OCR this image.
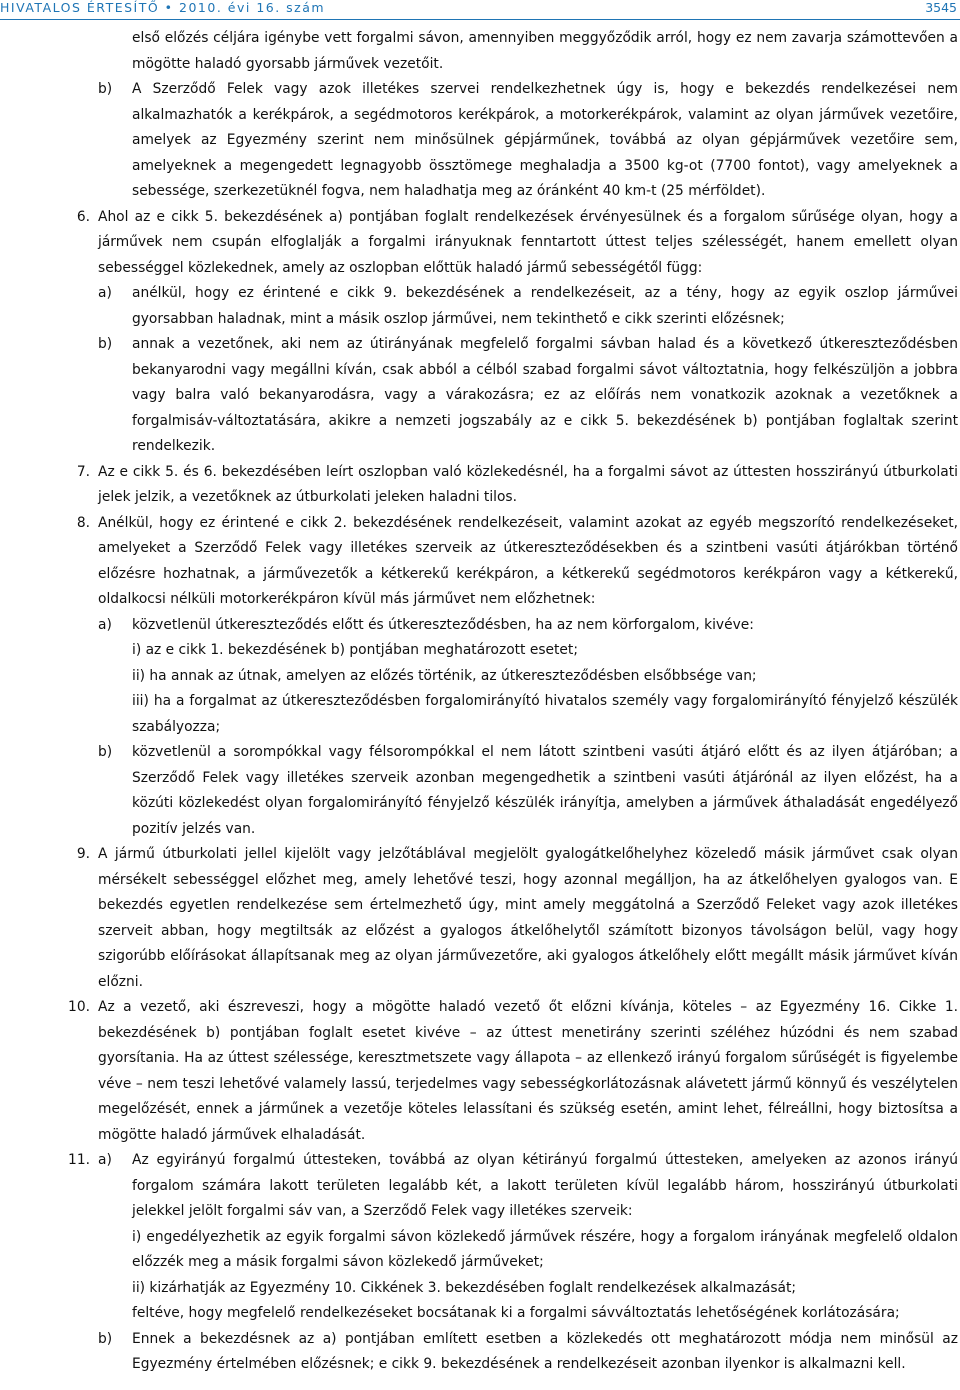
HIVATALOS ÉRTESÍTŐ • 2010. évi 16. szám	3545
első előzés céljára igénybe vett forgalmi sávon, amennyiben meggyőződik arról, hogy ez nem zavarja számottevően a mögötte haladó gyorsabb járművek vezetőit.
b)	A Szerződő Felek vagy azok illetékes szervei rendelkezhetnek úgy is, hogy e bekezdés rendelkezései nem alkalmazhatók a kerékpárok, a segédmotoros kerékpárok, a motorkerékpárok, valamint az olyan járművek vezetőire, amelyek az Egyezmény szerint nem minősülnek gépjárműnek, továbbá az olyan gépjárművek vezetőire sem, amelyeknek a megengedett legnagyobb össztömege meghaladja a 3500 kg-ot (7700 fontot), vagy amelyeknek a sebessége, szerkezetüknél fogva, nem haladhatja meg az óránként 40 km-t (25 mérföldet).
6. Ahol az e cikk 5. bekezdésének a) pontjában foglalt rendelkezések érvényesülnek és a forgalom sűrűsége olyan, hogy a járművek nem csupán elfoglalják a forgalmi irányuknak fenntartott úttest teljes szélességét, hanem emellett olyan sebességgel közlekednek, amely az oszlopban előttük haladó jármű sebességétől függ:
a)	anélkül, hogy ez érintené e cikk 9. bekezdésének a rendelkezéseit, az a tény, hogy az egyik oszlop járművei gyorsabban haladnak, mint a másik oszlop járművei, nem tekinthető e cikk szerinti előzésnek;
b)	annak a vezetőnek, aki nem az útirányának megfelelő forgalmi sávban halad és a következő útkereszteződésben bekanyarodni vagy megállni kíván, csak abból a célból szabad forgalmi sávot változtatnia, hogy felkészüljön a jobbra vagy balra való bekanyarodásra, vagy a várakozásra; ez az előírás nem vonatkozik azoknak a vezetőknek a forgalmisáv-változtatására, akikre a nemzeti jogszabály az e cikk 5. bekezdésének b) pontjában foglaltak szerint rendelkezik.
7. Az e cikk 5. és 6. bekezdésében leírt oszlopban való közlekedésnél, ha a forgalmi sávot az úttesten hosszirányú útburkolati jelek jelzik, a vezetőknek az útburkolati jeleken haladni tilos.
8. Anélkül, hogy ez érintené e cikk 2. bekezdésének rendelkezéseit, valamint azokat az egyéb megszorító rendelkezéseket, amelyeket a Szerződő Felek vagy illetékes szerveik az útkereszteződésekben és a szintbeni vasúti átjárókban történő előzésre hozhatnak, a járművezetők a kétkerekű kerékpáron, a kétkerekű segédmotoros kerékpáron vagy a kétkerekű, oldalkocsi nélküli motorkerékpáron kívül más járművet nem előzhetnek:
a)	közvetlenül útkereszteződés előtt és útkereszteződésben, ha az nem körforgalom, kivéve:
i) az e cikk 1. bekezdésének b) pontjában meghatározott esetet;
ii) ha annak az útnak, amelyen az előzés történik, az útkereszteződésben elsőbbsége van;
iii) ha a forgalmat az útkereszteződésben forgalomirányító hivatalos személy vagy forgalomirányító fényjelző készülék szabályozza;
b)	közvetlenül a sorompókkal vagy félsorompókkal el nem látott szintbeni vasúti átjáró előtt és az ilyen átjáróban; a Szerződő Felek vagy illetékes szerveik azonban megengedhetik a szintbeni vasúti átjárónál az ilyen előzést, ha a közúti közlekedést olyan forgalomirányító fényjelző készülék irányítja, amelyben a járművek áthaladását engedélyező pozitív jelzés van.
9. A jármű útburkolati jellel kijelölt vagy jelzőtáblával megjelölt gyalogátkelőhelyhez közeledő másik járművet csak olyan mérsékelt sebességgel előzhet meg, amely lehetővé teszi, hogy azonnal megálljon, ha az átkelőhelyen gyalogos van. E bekezdés egyetlen rendelkezése sem értelmezhető úgy, mint amely meggátolná a Szerződő Feleket vagy azok illetékes szerveit abban, hogy megtiltsák az előzést a gyalogos átkelőhelytől számított bizonyos távolságon belül, vagy hogy szigorúbb előírásokat állapítsanak meg az olyan járművezetőre, aki gyalogos átkelőhely előtt megállt másik járművet kíván előzni.
10. Az a vezető, aki észreveszi, hogy a mögötte haladó vezető őt előzni kívánja, köteles – az Egyezmény 16. Cikke 1. bekezdésének b) pontjában foglalt esetet kivéve – az úttest menetirány szerinti széléhez húzódni és nem szabad gyorsítania. Ha az úttest szélessége, keresztmetszete vagy állapota – az ellenkező irányú forgalom sűrűségét is figyelembe véve – nem teszi lehetővé valamely lassú, terjedelmes vagy sebességkorlátozásnak alávetett jármű könnyű és veszélytelen megelőzését, ennek a járműnek a vezetője köteles lelassítani és szükség esetén, amint lehet, félreállni, hogy biztosítsa a mögötte haladó járművek elhaladását.
11. a)	Az egyirányú forgalmú úttesteken, továbbá az olyan kétirányú forgalmú úttesteken, amelyeken az azonos irányú forgalom számára lakott területen legalább két, a lakott területen kívül legalább három, hosszirányú útburkolati jelekkel jelölt forgalmi sáv van, a Szerződő Felek vagy illetékes szerveik:
i) engedélyezhetik az egyik forgalmi sávon közlekedő járművek részére, hogy a forgalom irányának megfelelő oldalon előzzék meg a másik forgalmi sávon közlekedő járműveket;
ii) kizárhatják az Egyezmény 10. Cikkének 3. bekezdésében foglalt rendelkezések alkalmazását;
feltéve, hogy megfelelő rendelkezéseket bocsátanak ki a forgalmi sávváltoztatás lehetőségének korlátozására;
b)	Ennek a bekezdésnek az a) pontjában említett esetben a közlekedés ott meghatározott módja nem minősül az Egyezmény értelmében előzésnek; e cikk 9. bekezdésének a rendelkezéseit azonban ilyenkor is alkalmazni kell.
